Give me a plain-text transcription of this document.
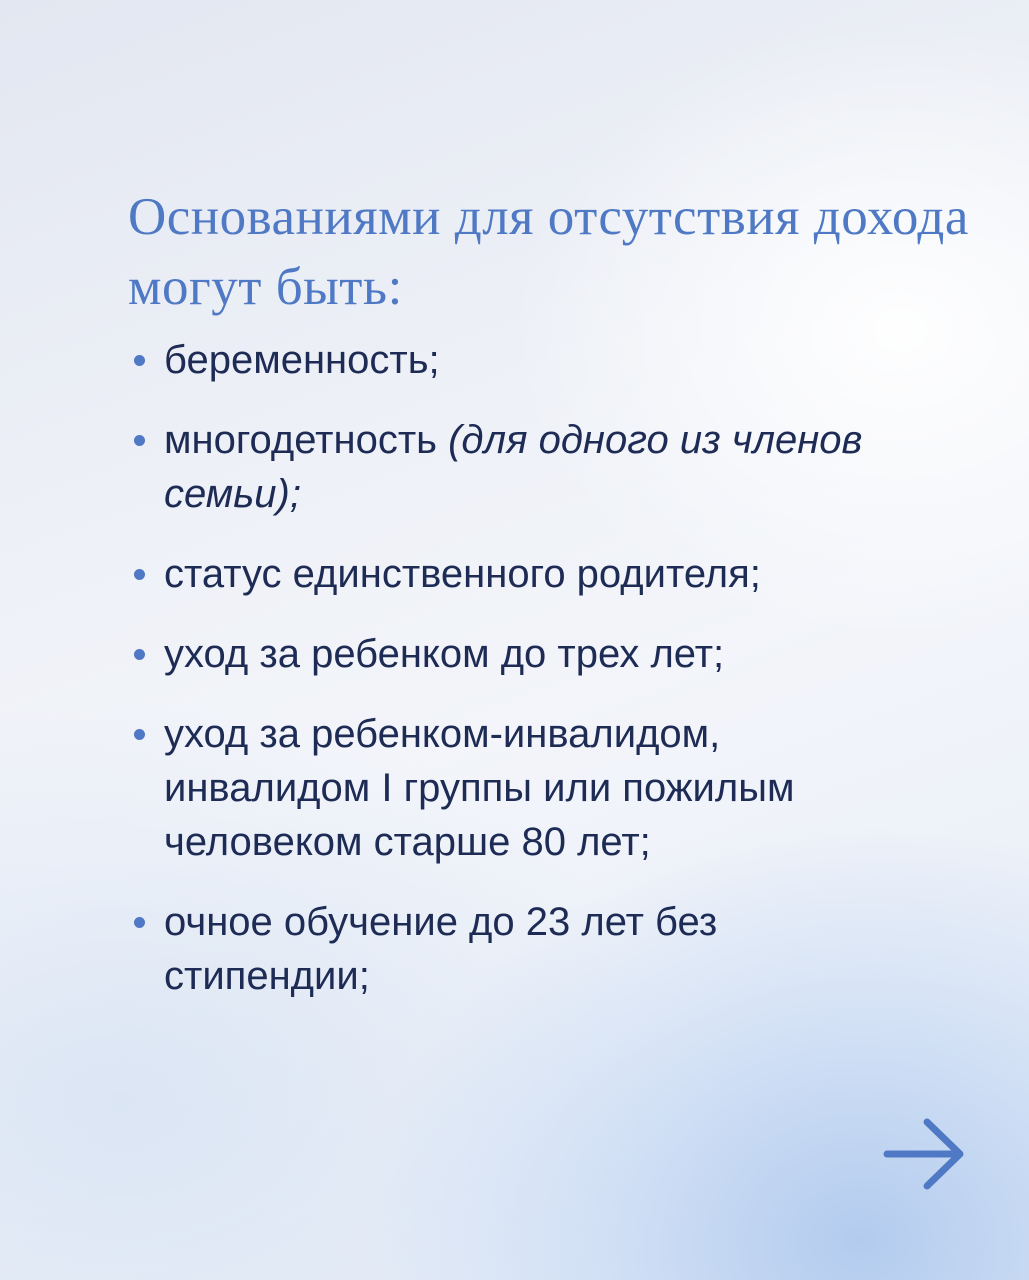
Основаниями для отсутствия дохода могут быть:
беременность;
многодетность (для одного из членов семьи);
статус единственного родителя;
уход за ребенком до трех лет;
уход за ребенком-инвалидом, инвалидом I группы или пожилым человеком старше 80 лет;
очное обучение до 23 лет без стипендии;
